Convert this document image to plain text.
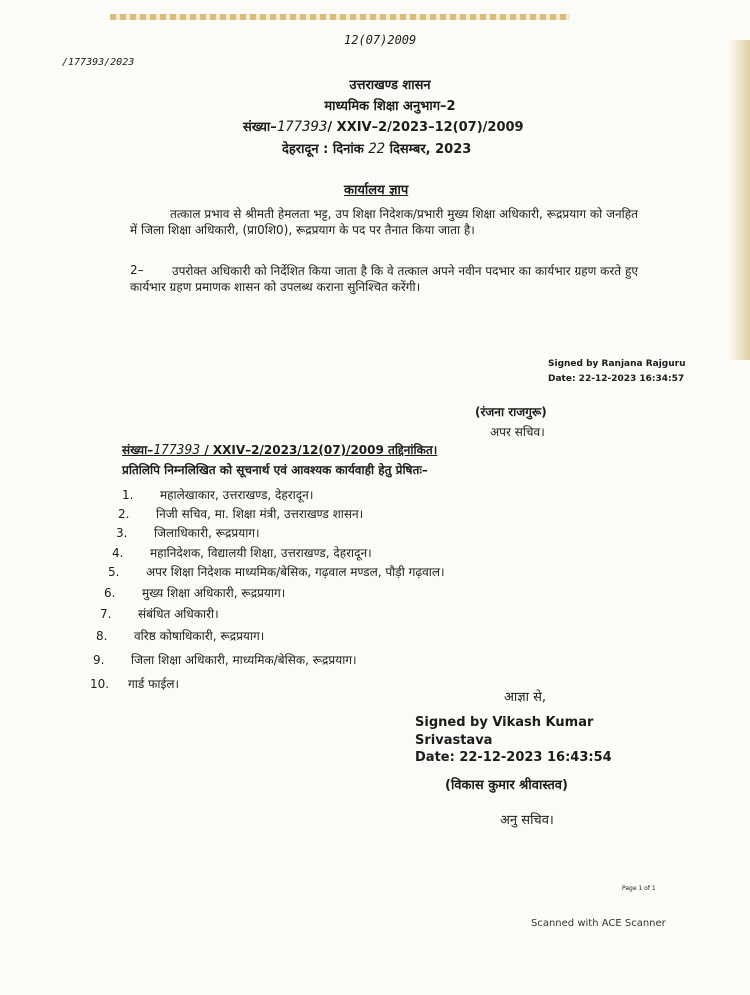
12(07)2009
/177393/2023
उत्तराखण्ड शासन
माध्यमिक शिक्षा अनुभाग–2
संख्या–177393/ XXIV–2/2023–12(07)/2009
देहरादून : दिनांक 22 दिसम्बर, 2023
कार्यालय ज्ञाप
तत्काल प्रभाव से श्रीमती हेमलता भट्ट, उप शिक्षा निदेशक/प्रभारी मुख्य शिक्षा अधिकारी, रूद्रप्रयाग को जनहित में जिला शिक्षा अधिकारी, (प्रा0शि0), रूद्रप्रयाग के पद पर तैनात किया जाता है।
2–	उपरोक्त अधिकारी को निर्देशित किया जाता है कि वे तत्काल अपने नवीन पदभार का कार्यभार ग्रहण करते हुए कार्यभार ग्रहण प्रमाणक शासन को उपलब्ध कराना सुनिश्चित करेंगी।
Signed by Ranjana Rajguru
Date: 22-12-2023 16:34:57
(रंजना राजगुरू)
अपर सचिव।
संख्या–177393 / XXIV–2/2023/12(07)/2009 तद्दिनांकित।
प्रतिलिपि निम्नलिखित को सूचनार्थ एवं आवश्यक कार्यवाही हेतु प्रेषितः–
1. महालेखाकार, उत्तराखण्ड, देहरादून।
2. निजी सचिव, मा. शिक्षा मंत्री, उत्तराखण्ड शासन।
3. जिलाधिकारी, रूद्रप्रयाग।
4. महानिदेशक, विद्यालयी शिक्षा, उत्तराखण्ड, देहरादून।
5. अपर शिक्षा निदेशक माध्यमिक/बेसिक, गढ़वाल मण्डल, पौड़ी गढ़वाल।
6. मुख्य शिक्षा अधिकारी, रूद्रप्रयाग।
7. संबंधित अधिकारी।
8. वरिष्ठ कोषाधिकारी, रूद्रप्रयाग।
9. जिला शिक्षा अधिकारी, माध्यमिक/बेसिक, रूद्रप्रयाग।
10. गार्ड फाईल।
आज्ञा से,
Signed by Vikash Kumar
Srivastava
Date: 22-12-2023 16:43:54
(विकास कुमार श्रीवास्तव)
अनु सचिव।
Page 1 of 1
Scanned with ACE Scanner
